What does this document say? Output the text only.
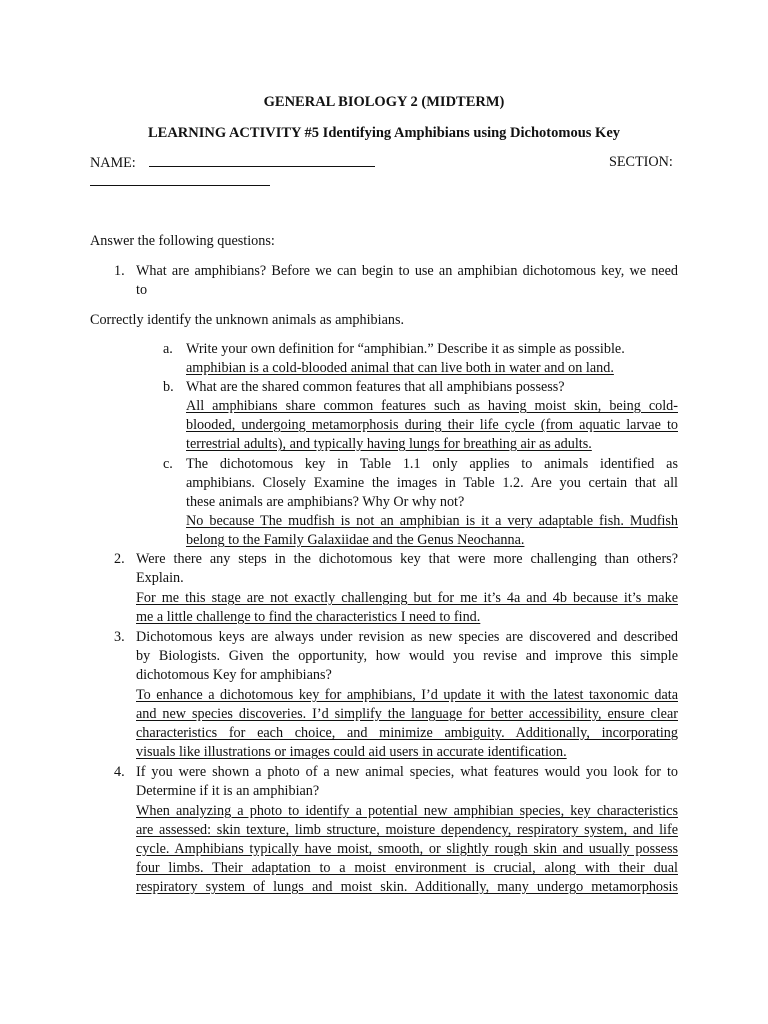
GENERAL BIOLOGY 2 (MIDTERM)
LEARNING ACTIVITY #5 Identifying Amphibians using Dichotomous Key
NAME:	SECTION:
Answer the following questions:
1. What are amphibians? Before we can begin to use an amphibian dichotomous key, we need
to
Correctly identify the unknown animals as amphibians.
a. Write your own definition for “amphibian.” Describe it as simple as possible.
amphibian is a cold-blooded animal that can live both in water and on land.
b. What are the shared common features that all amphibians possess?
All amphibians share common features such as having moist skin, being cold-
blooded, undergoing metamorphosis during their life cycle (from aquatic larvae to
terrestrial adults), and typically having lungs for breathing air as adults.
c. The dichotomous key in Table 1.1 only applies to animals identified as
amphibians. Closely Examine the images in Table 1.2. Are you certain that all
these animals are amphibians? Why Or why not?
No because The mudfish is not an amphibian is it a very adaptable fish. Mudfish
belong to the Family Galaxiidae and the Genus Neochanna.
2. Were there any steps in the dichotomous key that were more challenging than others?
Explain.
For me this stage are not exactly challenging but for me it’s 4a and 4b because it’s make
me a little challenge to find the characteristics I need to find.
3. Dichotomous keys are always under revision as new species are discovered and described
by Biologists. Given the opportunity, how would you revise and improve this simple
dichotomous Key for amphibians?
To enhance a dichotomous key for amphibians, I’d update it with the latest taxonomic data
and new species discoveries. I’d simplify the language for better accessibility, ensure clear
characteristics for each choice, and minimize ambiguity. Additionally, incorporating
visuals like illustrations or images could aid users in accurate identification.
4. If you were shown a photo of a new animal species, what features would you look for to
Determine if it is an amphibian?
When analyzing a photo to identify a potential new amphibian species, key characteristics
are assessed: skin texture, limb structure, moisture dependency, respiratory system, and life
cycle. Amphibians typically have moist, smooth, or slightly rough skin and usually possess
four limbs. Their adaptation to a moist environment is crucial, along with their dual
respiratory system of lungs and moist skin. Additionally, many undergo metamorphosis
